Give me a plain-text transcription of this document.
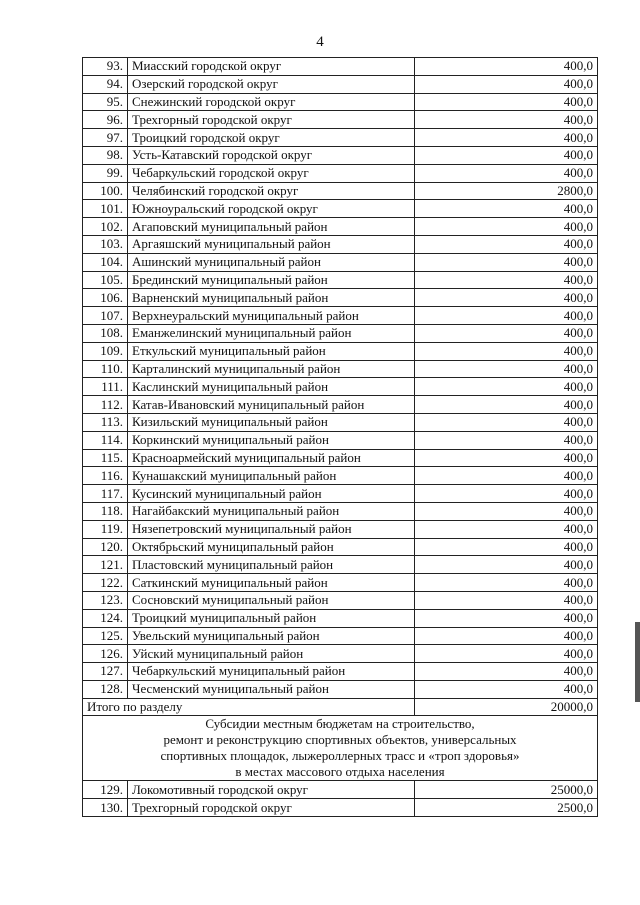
4
93.	Миасский городской округ	400,0
94.	Озерский городской округ	400,0
95.	Снежинский городской округ	400,0
96.	Трехгорный городской округ	400,0
97.	Троицкий городской округ	400,0
98.	Усть-Катавский городской округ	400,0
99.	Чебаркульский городской округ	400,0
100.	Челябинский городской округ	2800,0
101.	Южноуральский городской округ	400,0
102.	Агаповский муниципальный район	400,0
103.	Аргаяшский муниципальный район	400,0
104.	Ашинский муниципальный район	400,0
105.	Брединский муниципальный район	400,0
106.	Варненский муниципальный район	400,0
107.	Верхнеуральский муниципальный район	400,0
108.	Еманжелинский муниципальный район	400,0
109.	Еткульский муниципальный район	400,0
110.	Карталинский муниципальный район	400,0
111.	Каслинский муниципальный район	400,0
112.	Катав-Ивановский муниципальный район	400,0
113.	Кизильский муниципальный район	400,0
114.	Коркинский муниципальный район	400,0
115.	Красноармейский муниципальный район	400,0
116.	Кунашакский муниципальный район	400,0
117.	Кусинский муниципальный район	400,0
118.	Нагайбакский муниципальный район	400,0
119.	Нязепетровский муниципальный район	400,0
120.	Октябрьский муниципальный район	400,0
121.	Пластовский муниципальный район	400,0
122.	Саткинский муниципальный район	400,0
123.	Сосновский муниципальный район	400,0
124.	Троицкий муниципальный район	400,0
125.	Увельский муниципальный район	400,0
126.	Уйский муниципальный район	400,0
127.	Чебаркульский муниципальный район	400,0
128.	Чесменский муниципальный район	400,0
Итого по разделу		20000,0

Субсидии местным бюджетам на строительство,
ремонт и реконструкцию спортивных объектов, универсальных
спортивных площадок, лыжероллерных трасс и «троп здоровья»
в местах массового отдыха населения		

129.	Локомотивный городской округ	25000,0
130.	Трехгорный городской округ	2500,0
